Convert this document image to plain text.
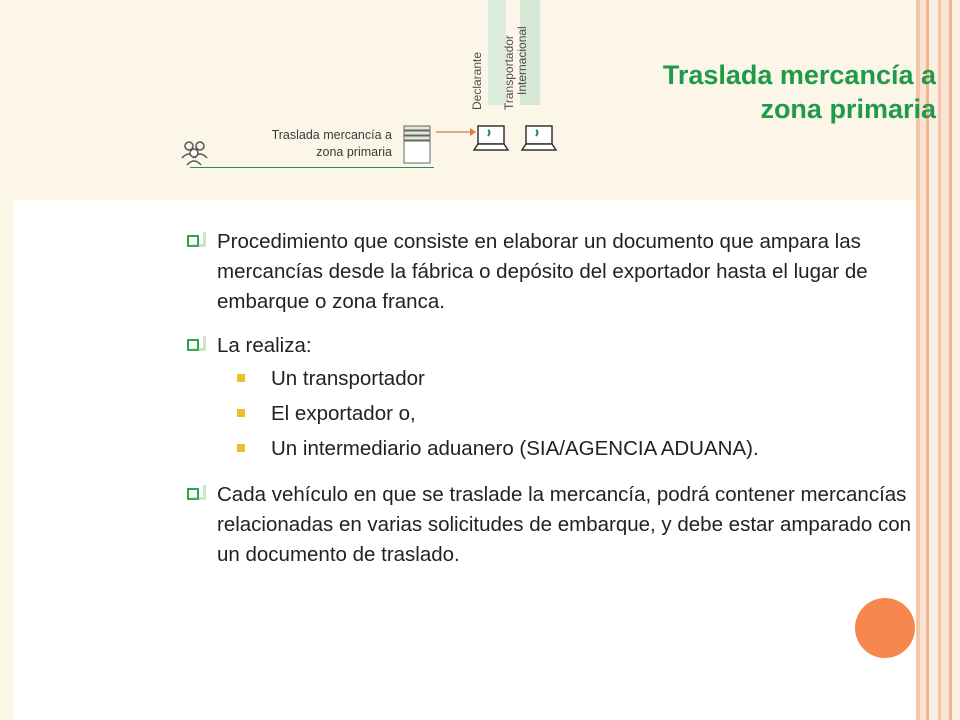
Traslada mercancía a
zona primaria
Declarante Transportador Internacional
Traslada mercancía a
zona primaria
Procedimiento que consiste en elaborar un documento que ampara las mercancías desde la fábrica o depósito del exportador hasta el lugar de embarque o zona franca.
La realiza:
Un transportador
El exportador o,
Un intermediario aduanero (SIA/AGENCIA ADUANA).
Cada vehículo en que se traslade la mercancía, podrá contener mercancías relacionadas en varias solicitudes de embarque, y debe estar amparado con un documento de traslado.
